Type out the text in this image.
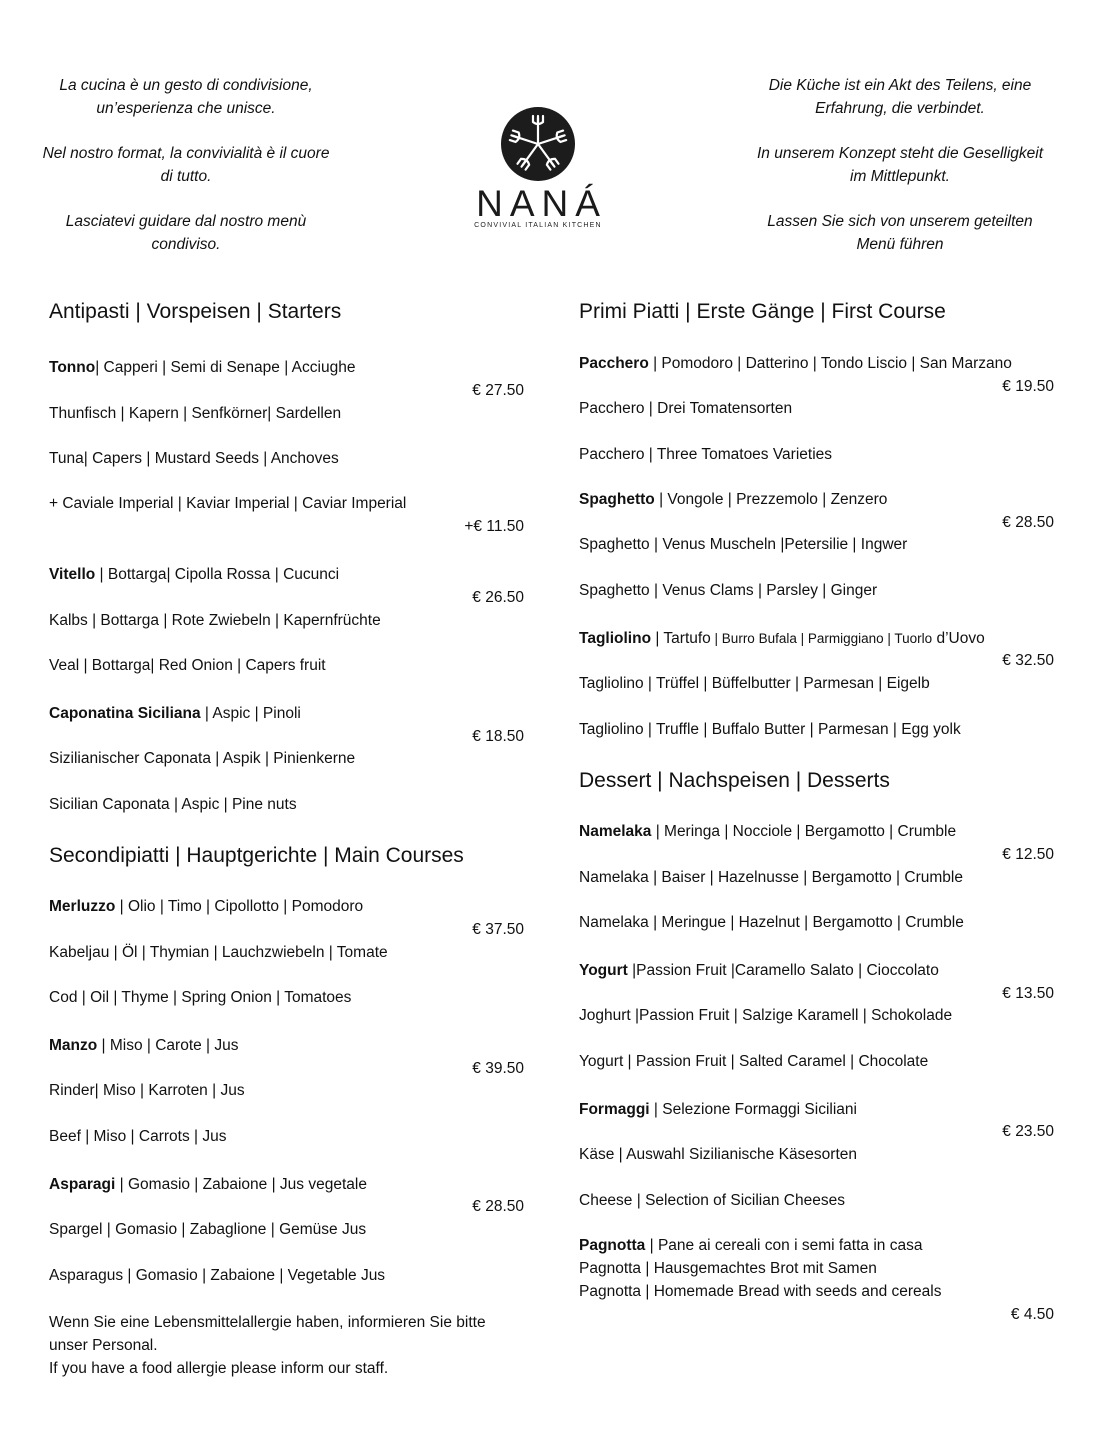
La cucina è un gesto di condivisione, un’esperienza che unisce.

Nel nostro format, la convivialità è il cuore di tutto.

Lasciatevi guidare dal nostro menù condiviso.

NANÁ
CONVIVIAL ITALIAN KITCHEN

Die Küche ist ein Akt des Teilens, eine Erfahrung, die verbindet.

In unserem Konzept steht die Geselligkeit im Mittlepunkt.

Lassen Sie sich von unserem geteilten Menü führen

Antipasti | Vorspeisen | Starters
Tonno| Capperi | Semi di Senape | Acciughe
€ 27.50
Thunfisch | Kapern | Senfkörner| Sardellen
Tuna| Capers | Mustard Seeds | Anchoves
+ Caviale Imperial | Kaviar Imperial | Caviar Imperial
+€ 11.50
Vitello | Bottarga| Cipolla Rossa | Cucunci
€ 26.50
Kalbs | Bottarga | Rote Zwiebeln | Kapernfrüchte
Veal | Bottarga| Red Onion | Capers fruit
Caponatina Siciliana | Aspic | Pinoli
€ 18.50
Sizilianischer Caponata | Aspik | Pinienkerne
Sicilian Caponata | Aspic | Pine nuts
Secondipiatti | Hauptgerichte | Main Courses
Merluzzo | Olio | Timo | Cipollotto | Pomodoro
€ 37.50
Kabeljau | Öl | Thymian | Lauchzwiebeln | Tomate
Cod | Oil | Thyme | Spring Onion | Tomatoes
Manzo | Miso | Carote | Jus
€ 39.50
Rinder| Miso | Karroten | Jus
Beef | Miso | Carrots | Jus
Asparagi | Gomasio | Zabaione | Jus vegetale
€ 28.50
Spargel | Gomasio | Zabaglione | Gemüse Jus
Asparagus | Gomasio | Zabaione | Vegetable Jus

Wenn Sie eine Lebensmittelallergie haben, informieren Sie bitte unser Personal.

If you have a food allergie please inform our staff.

Primi Piatti | Erste Gänge | First Course
Pacchero | Pomodoro | Datterino | Tondo Liscio | San Marzano
€ 19.50
Pacchero | Drei Tomatensorten
Pacchero | Three Tomatoes Varieties
Spaghetto | Vongole | Prezzemolo | Zenzero
€ 28.50
Spaghetto | Venus Muscheln |Petersilie | Ingwer
Spaghetto | Venus Clams | Parsley | Ginger
Tagliolino | Tartufo | Burro Bufala | Parmiggiano | Tuorlo d’Uovo
€ 32.50
Tagliolino | Trüffel | Büffelbutter | Parmesan | Eigelb
Tagliolino | Truffle | Buffalo Butter | Parmesan | Egg yolk
Dessert | Nachspeisen | Desserts
Namelaka | Meringa | Nocciole | Bergamotto | Crumble
€ 12.50
Namelaka | Baiser | Hazelnusse | Bergamotto | Crumble
Namelaka | Meringue | Hazelnut | Bergamotto | Crumble
Yogurt |Passion Fruit |Caramello Salato | Cioccolato
€ 13.50
Joghurt |Passion Fruit | Salzige Karamell | Schokolade
Yogurt | Passion Fruit | Salted Caramel | Chocolate
Formaggi | Selezione Formaggi Siciliani
€ 23.50
Käse | Auswahl Sizilianische Käsesorten
Cheese | Selection of Sicilian Cheeses
Pagnotta | Pane ai cereali con i semi fatta in casa
Pagnotta | Hausgemachtes Brot mit Samen
Pagnotta | Homemade Bread with seeds and cereals
€ 4.50
